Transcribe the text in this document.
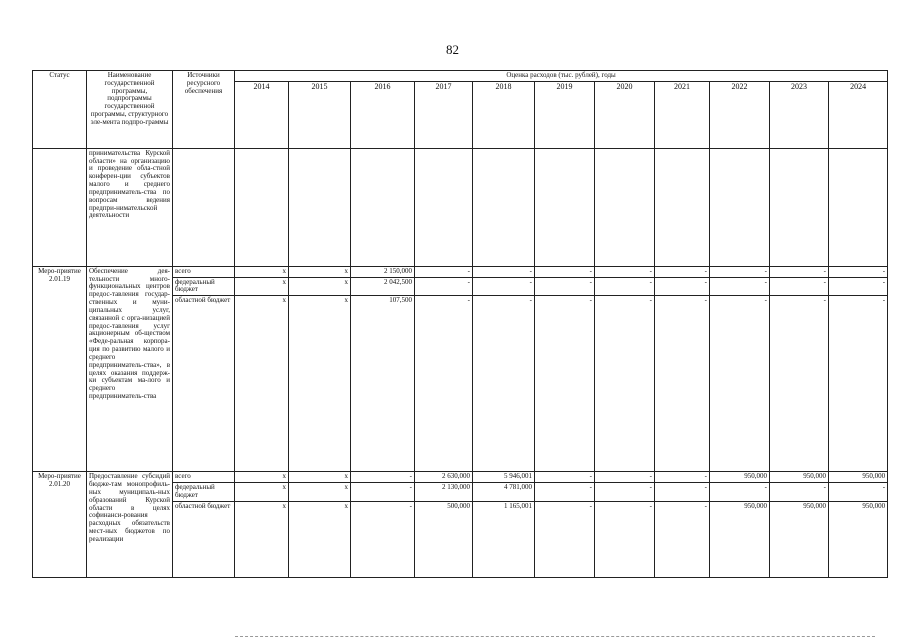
82
Статус	Наименование государственной программы, подпрограммы государственной программы, структурного эле-мента подпро-граммы	Источники ресурсного обеспечения	Оценка расходов (тыс. рублей), годы										
			2014	2015	2016	2017	2018	2019	2020	2021	2022	2023	2024
	принимательства Курской области» на организацию и проведение обла-стной конферен-ции субъектов малого и среднего предприниматель-ства по вопросам ведения предпри-нимательской деятельности												
Меро-приятие 2.01.19	Обеспечение дея-тельности много-функциональных центров предос-тавления государ-ственных и муни-ципальных услуг, связанной с орга-низацией предос-тавления услуг акционерным об-ществом «Феде-ральная корпора-ция по развитию малого и среднего предприниматель-ства», в целях оказания поддерж-ки субъектам ма-лого и среднего предприниматель-ства	всего	x	x	2 150,000	-	-	-	-	-	-	-	-
		федеральный бюджет	x	x	2 042,500	-	-	-	-	-	-	-	-
		областной бюджет	x	x	107,500	-	-	-	-	-	-	-	-
Меро-приятие 2.01.20	Предоставление субсидий бюдже-там монопрофиль-ных муниципаль-ных образований Курской области в целях софинанси-рования расходных обязательств мест-ных бюджетов по реализации	всего	x	x	-	2 630,000	5 946,001	-	-	-	950,000	950,000	950,000
		федеральный бюджет	x	x	-	2 130,000	4 781,000	-	-	-	-	-	-
		областной бюджет	x	x	-	500,000	1 165,001	-	-	-	950,000	950,000	950,000
